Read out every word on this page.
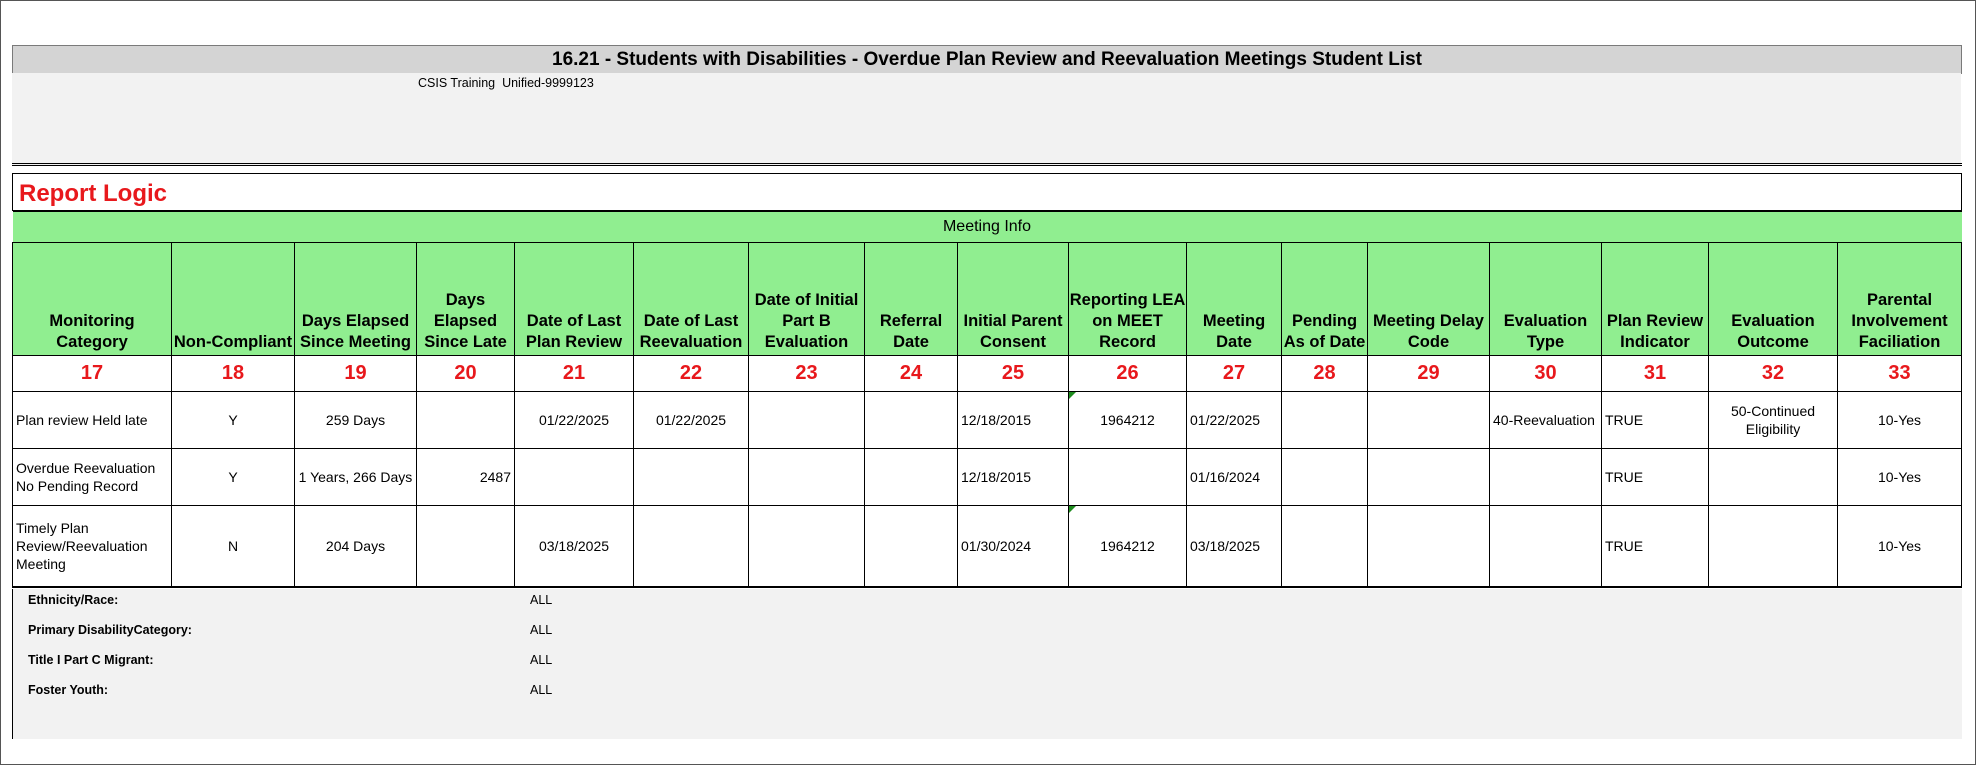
16.21 - Students with Disabilities - Overdue Plan Review and Reevaluation Meetings Student List
CSIS Training  Unified-9999123
Report Logic
Meeting Info																
Monitoring Category	Non-Compliant	Days Elapsed Since Meeting	Days Elapsed Since Late	Date of Last Plan Review	Date of Last Reevaluation	Date of Initial Part B Evaluation	Referral Date	Initial Parent Consent	Reporting LEA on MEET Record	Meeting Date	Pending As of Date	Meeting Delay Code	Evaluation Type	Plan Review Indicator	Evaluation Outcome	Parental Involvement Faciliation
17	18	19	20	21	22	23	24	25	26	27	28	29	30	31	32	33
Plan review Held late	Y	259 Days		01/22/2025	01/22/2025			12/18/2015	1964212	01/22/2025			40-Reevaluation	TRUE	50-Continued Eligibility	10-Yes
Overdue Reevaluation No Pending Record	Y	1 Years, 266 Days	2487					12/18/2015		01/16/2024				TRUE		10-Yes
Timely Plan Review/Reevaluation Meeting	N	204 Days		03/18/2025				01/30/2024	1964212	03/18/2025				TRUE		10-Yes
Ethnicity/Race:	ALL
Primary DisabilityCategory:	ALL
Title I Part C Migrant:	ALL
Foster Youth:	ALL
